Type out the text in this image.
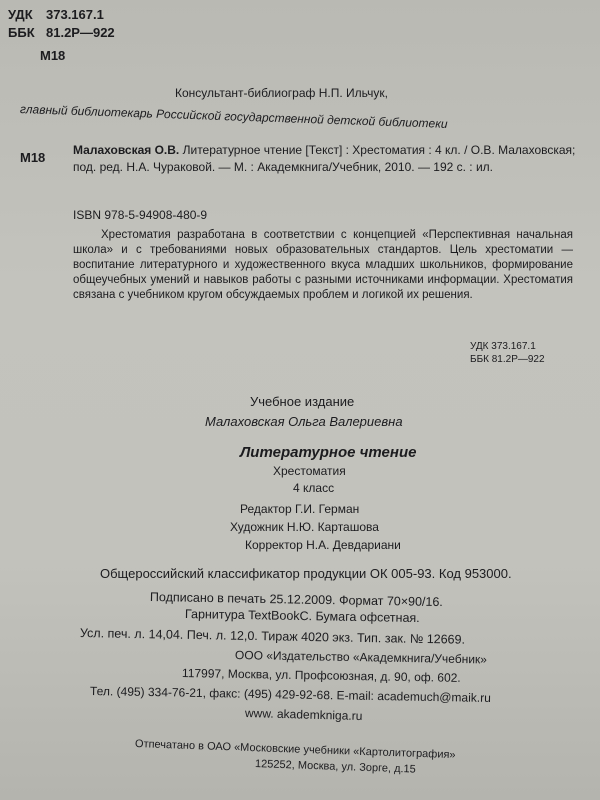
УДК 373.167.1
ББК 81.2Р—922
М18
Консультант-библиограф Н.П. Ильчук,
главный библиотекарь Российской государственной детской библиотеки
М18 Малаховская О.В. Литературное чтение [Текст] : Хрестоматия : 4 кл. / О.В. Малаховская; под. ред. Н.А. Чураковой. — М. : Академкнига/Учебник, 2010. — 192 с. : ил.
ISBN 978-5-94908-480-9
Хрестоматия разработана в соответствии с концепцией «Перспективная начальная школа» и с требованиями новых образовательных стандартов. Цель хрестоматии — воспитание литературного и художественного вкуса младших школьников, формирование общеучебных умений и навыков работы с разными источниками информации. Хрестоматия связана с учебником кругом обсуждаемых проблем и логикой их решения.
УДК 373.167.1
ББК 81.2Р—922
Учебное издание
Малаховская Ольга Валериевна
Литературное чтение
Хрестоматия
4 класс
Редактор Г.И. Герман
Художник Н.Ю. Карташова
Корректор Н.А. Девдариани
Общероссийский классификатор продукции ОК 005-93. Код 953000.
Подписано в печать 25.12.2009. Формат 70×90/16.
Гарнитура TextBookC. Бумага офсетная.
Усл. печ. л. 14,04. Печ. л. 12,0. Тираж 4020 экз. Тип. зак. № 12669.
ООО «Издательство «Академкнига/Учебник»
117997, Москва, ул. Профсоюзная, д. 90, оф. 602.
Тел. (495) 334-76-21, факс: (495) 429-92-68. E-mail: academuch@maik.ru
www. akademkniga.ru
Отпечатано в ОАО «Московские учебники «Картолитография»
125252, Москва, ул. Зорге, д.15
